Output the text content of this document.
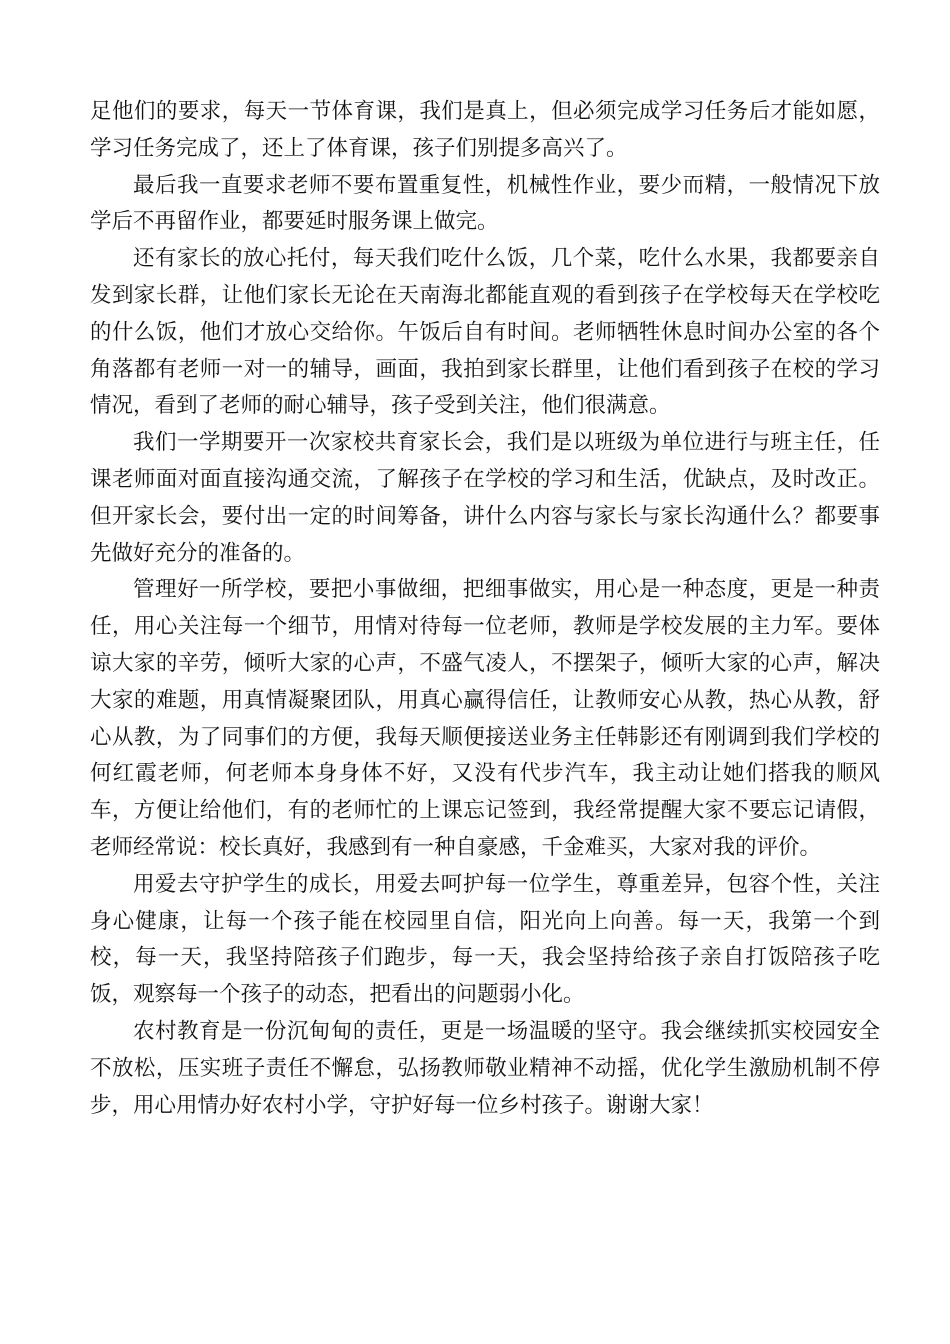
足他们的要求，每天一节体育课，我们是真上，但必须完成学习任务后才能如愿，学习任务完成了，还上了体育课，孩子们别提多高兴了。

最后我一直要求老师不要布置重复性，机械性作业，要少而精，一般情况下放学后不再留作业，都要延时服务课上做完。

还有家长的放心托付，每天我们吃什么饭，几个菜，吃什么水果，我都要亲自发到家长群，让他们家长无论在天南海北都能直观的看到孩子在学校每天在学校吃的什么饭，他们才放心交给你。午饭后自有时间。老师牺牲休息时间办公室的各个角落都有老师一对一的辅导，画面，我拍到家长群里，让他们看到孩子在校的学习情况，看到了老师的耐心辅导，孩子受到关注，他们很满意。

我们一学期要开一次家校共育家长会，我们是以班级为单位进行与班主任，任课老师面对面直接沟通交流，了解孩子在学校的学习和生活，优缺点，及时改正。但开家长会，要付出一定的时间筹备，讲什么内容与家长与家长沟通什么？都要事先做好充分的准备的。

管理好一所学校，要把小事做细，把细事做实，用心是一种态度，更是一种责任，用心关注每一个细节，用情对待每一位老师，教师是学校发展的主力军。要体谅大家的辛劳，倾听大家的心声，不盛气凌人，不摆架子，倾听大家的心声，解决大家的难题，用真情凝聚团队，用真心赢得信任，让教师安心从教，热心从教，舒心从教，为了同事们的方便，我每天顺便接送业务主任韩影还有刚调到我们学校的何红霞老师，何老师本身身体不好，又没有代步汽车，我主动让她们搭我的顺风车，方便让给他们，有的老师忙的上课忘记签到，我经常提醒大家不要忘记请假，老师经常说：校长真好，我感到有一种自豪感，千金难买，大家对我的评价。

用爱去守护学生的成长，用爱去呵护每一位学生，尊重差异，包容个性，关注身心健康，让每一个孩子能在校园里自信，阳光向上向善。每一天，我第一个到校，每一天，我坚持陪孩子们跑步，每一天，我会坚持给孩子亲自打饭陪孩子吃饭，观察每一个孩子的动态，把看出的问题弱小化。

农村教育是一份沉甸甸的责任，更是一场温暖的坚守。我会继续抓实校园安全不放松，压实班子责任不懈怠，弘扬教师敬业精神不动摇，优化学生激励机制不停步，用心用情办好农村小学，守护好每一位乡村孩子。谢谢大家！
